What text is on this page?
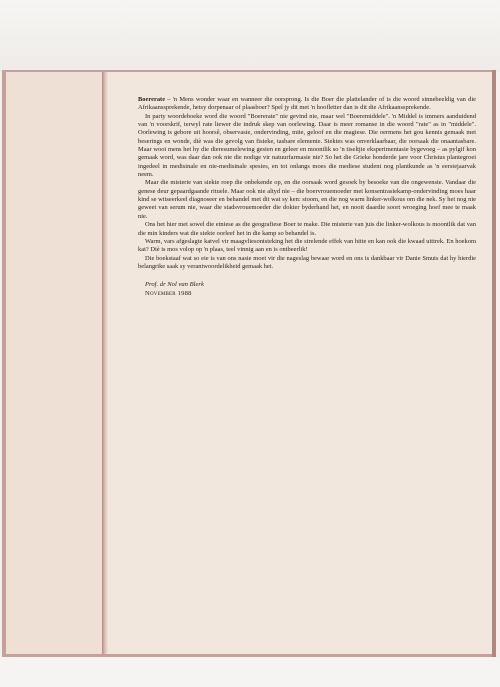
Boererate – 'n Mens wonder waar en wanneer die oorsprong. Is die Boer die plattelander of is die woord sinnebeeldig van die Afrikaanssprekende, hetsy dorpenaar of plaasboer? Spel jy dit met 'n hoofletter dan is dit die Afrikaanssprekende.

In party woordeboeke word die woord "Boererate" nie gevind nie, maar wel "Boeremiddele". 'n Middel is immers aanduidend van 'n voorskrif, terwyl rate liewer die indruk skep van oorlewing. Daar is meer romanse in die woord "rate" as in "middele". Oorlewing is gebore uit hoorsê, observasie, ondervinding, mite, geloof en die magiese. Die oermens het gou kennis gemaak met beserings en wonde, diè was die gevolg van fisieke, tasbare elemente. Siektes was onverklaarbaar, die oorsaak die onaantasbare. Maar wooi mens het hy die dieresumelewing gesien en geleer en moontlik so 'n tiseltjie eksperimentasie bygevoeg – as pylgif kon gemaak word, was daar dan ook nie die nodige vir natuurfarmasie nie? So het die Grieke honderde jare voor Christus plantegroei ingedeel in medisinale en nie-medisinale spesies, en tot onlangs moes die mediese student nog plantkunde as 'n eerstejaarvak neem.

Maar die misterie van siekte roep die onbekende op, en die oorsaak word gesoek by besoeke van die ongewenste. Vandaar die genese deur gepaardgaande rituele. Maar ook nie altyd nie – die boervrouemoeder met konsentrasiekamp-ondervinding moes haar kind se witseerkeel diagnoseer en behandel met dit wat sy ken: stoom, en die nog warm linker-wolkous om die nek. Sy het nog nie geweet van serum nie, waar die stadsvrouemoeder die dokter byderhand het, en nooit daardie soort wroeging hoef mee te maak nie.

Ons het hier met sowel die etniese as die geografiese Boer te make. Die misterie van juis die linker-wolkous is moontlik dat van die min kinders wat die siekte oorleef het in die kamp so behandel is.

Warm, vars afgeslagte katvel vir maagvliesontsteking het die strelende effek van hitte en kan ook die kwaad uittrek. En hoekom kat? Diè is mos volop op 'n plaas, teel vinnig aan en is ontbeerlik!

Die boekstaaf wat so eie is van ons nasie moet vir die nageslag bewaar word en ons is dankbaar vir Danie Smuts dat hy hierdie belangrike saak sy verantwoordelikheid gemaak het.

Prof. dr Nol van Blerk
November 1988
